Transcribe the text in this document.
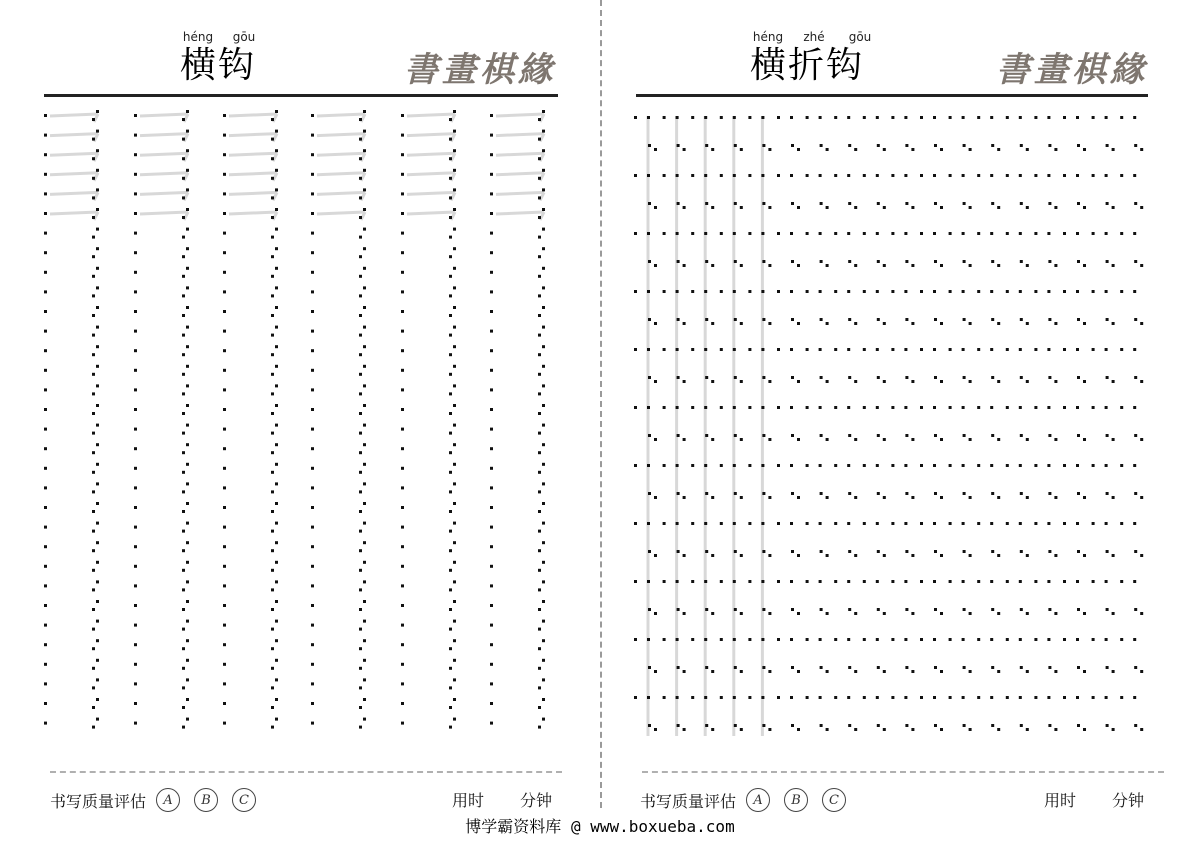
héng	gōu
横钩	書畫棋緣
书写质量评估	A	B	C	用时 分钟
héng	zhé	gōu
横折钩	書畫棋緣
书写质量评估	A	B	C	用时 分钟
博学霸资料库 @ www.boxueba.com
